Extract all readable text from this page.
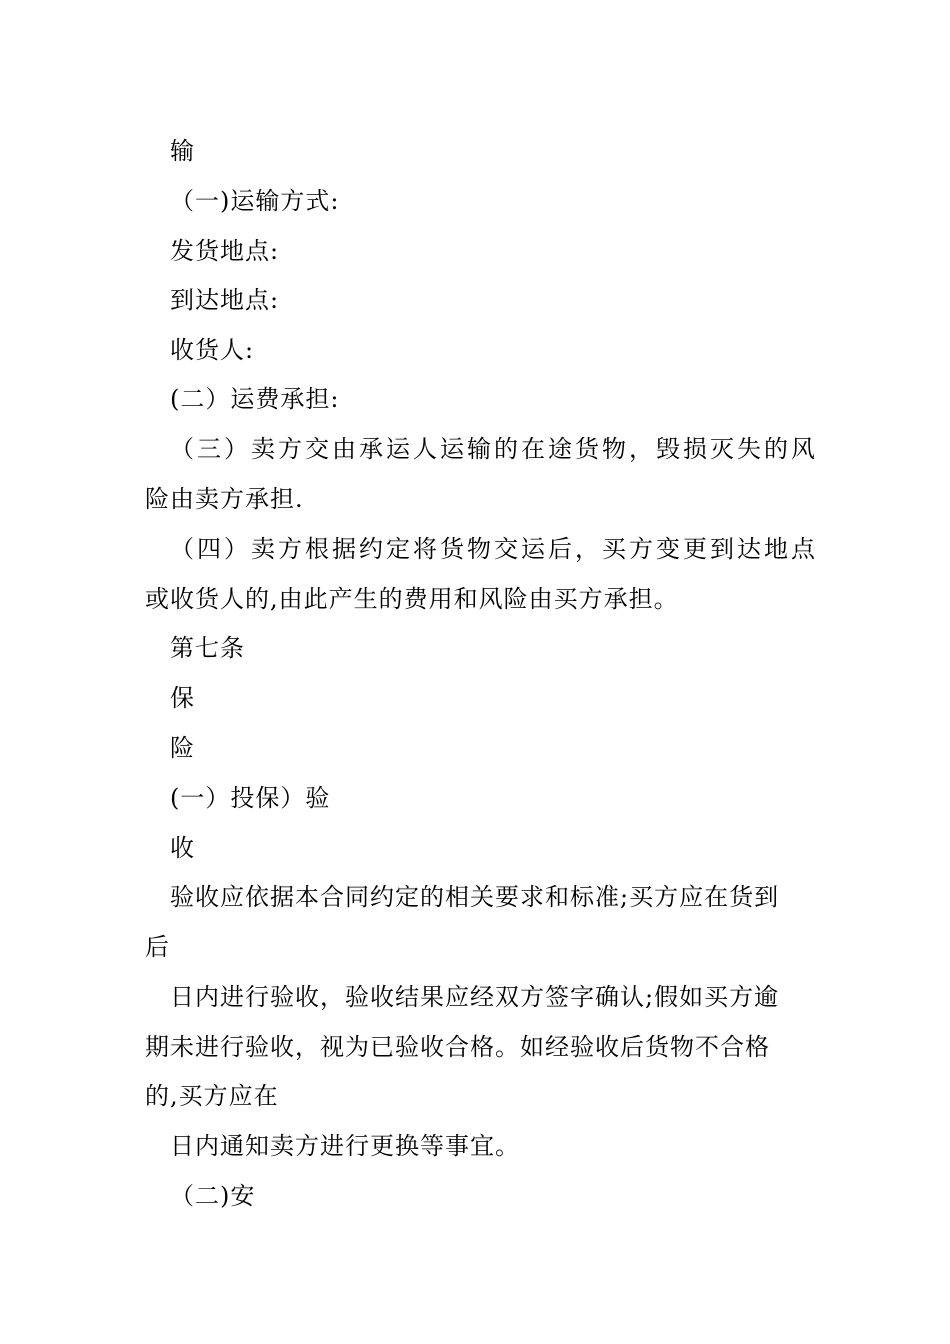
输
（一)运输方式:
发货地点:
到达地点:
收货人:
(二）运费承担:
（三）卖方交由承运人运输的在途货物，毁损灭失的风
险由卖方承担.
（四）卖方根据约定将货物交运后，买方变更到达地点
或收货人的,由此产生的费用和风险由买方承担。
第七条
保
险
(一）投保）验
收
验收应依据本合同约定的相关要求和标准;买方应在货到
后
日内进行验收，验收结果应经双方签字确认;假如买方逾
期未进行验收，视为已验收合格。如经验收后货物不合格
的,买方应在
日内通知卖方进行更换等事宜。
（二)安
